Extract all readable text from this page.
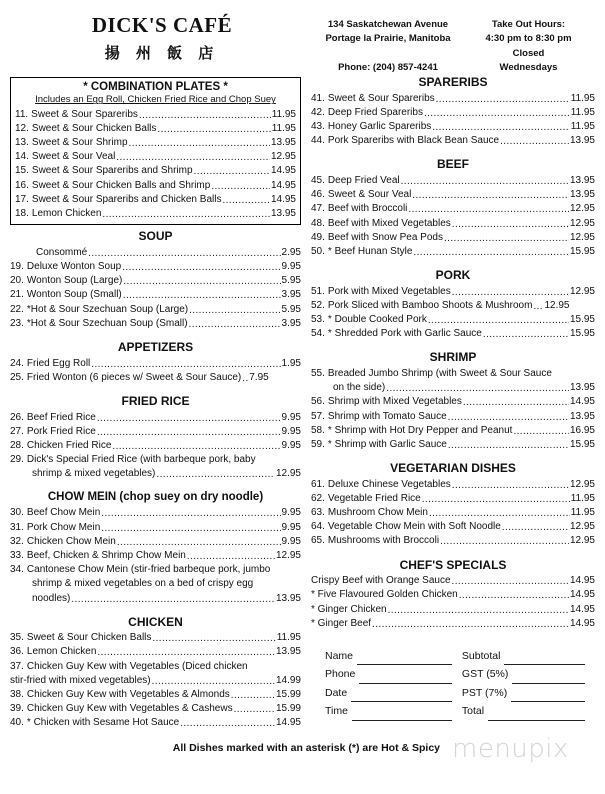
DICK'S CAFÉ
揚 州 飯 店
134 Saskatchewan Avenue
Portage la Prairie, Manitoba
Phone: (204) 857-4241
Take Out Hours:
4:30 pm to 8:30 pm
Closed
Wednesdays
* COMBINATION PLATES *
Includes an Egg Roll, Chicken Fried Rice and Chop Suey
11. Sweet & Sour Spareribs .....	11.95
12. Sweet & Sour Chicken Balls .....	11.95
13. Sweet & Sour Shrimp .....	13.95
14. Sweet & Sour Veal .....	12.95
15. Sweet & Sour Spareribs and Shrimp .....	14.95
16. Sweet & Sour Chicken Balls and Shrimp .....	14.95
17. Sweet & Sour Spareribs and Chicken Balls .....	14.95
18. Lemon Chicken .....	13.95
SOUP
Consommé .....	2.95
19. Deluxe Wonton Soup .....	9.95
20. Wonton Soup (Large) .....	5.95
21. Wonton Soup (Small) .....	3.95
22. *Hot & Sour Szechuan Soup (Large) .....	5.95
23. *Hot & Sour Szechuan Soup (Small) .....	3.95
APPETIZERS
24. Fried Egg Roll .....	1.95
25. Fried Wonton (6 pieces w/ Sweet & Sour Sauce) ..... 7.95
FRIED RICE
26. Beef Fried Rice .....	9.95
27. Pork Fried Rice .....	9.95
28. Chicken Fried Rice .....	9.95
29. Dick's Special Fried Rice (with barbeque pork, baby
shrimp & mixed vegetables) .....	12.95
CHOW MEIN (chop suey on dry noodle)
30. Beef Chow Mein .....	9.95
31. Pork Chow Mein .....	9.95
32. Chicken Chow Mein .....	9.95
33. Beef, Chicken & Shrimp Chow Mein .....	12.95
34. Cantonese Chow Mein (stir-fried barbeque pork, jumbo
shrimp & mixed vegetables on a bed of crispy egg
noodles) .....	13.95
CHICKEN
35. Sweet & Sour Chicken Balls .....	11.95
36. Lemon Chicken .....	13.95
37. Chicken Guy Kew with Vegetables (Diced chicken
stir-fried with mixed vegetables) .....	14.99
38. Chicken Guy Kew with Vegetables & Almonds .....	15.99
39. Chicken Guy Kew with Vegetables & Cashews .....	15.99
40. * Chicken with Sesame Hot Sauce .....	14.95
SPARERIBS
41. Sweet & Sour Spareribs .....	11.95
42. Deep Fried Spareribs .....	11.95
43. Honey Garlic Spareribs .....	11.95
44. Pork Spareribs with Black Bean Sauce .....	13.95
BEEF
45. Deep Fried Veal .....	13.95
46. Sweet & Sour Veal .....	13.95
47. Beef with Broccoli .....	12.95
48. Beef with Mixed Vegetables .....	12.95
49. Beef with Snow Pea Pods .....	12.95
50. * Beef Hunan Style .....	15.95
PORK
51. Pork with Mixed Vegetables .....	12.95
52. Pork Sliced with Bamboo Shoots & Mushroom ..... 12.95
53. * Double Cooked Pork .....	15.95
54. * Shredded Pork with Garlic Sauce .....	15.95
SHRIMP
55. Breaded Jumbo Shrimp (with Sweet & Sour Sauce
on the side) .....	13.95
56. Shrimp with Mixed Vegetables .....	14.95
57. Shrimp with Tomato Sauce .....	13.95
58. * Shrimp with Hot Dry Pepper and Peanut .....	16.95
59. * Shrimp with Garlic Sauce .....	15.95
VEGETARIAN DISHES
61. Deluxe Chinese Vegetables .....	12.95
62. Vegetable Fried Rice .....	11.95
63. Mushroom Chow Mein .....	11.95
64. Vegetable Chow Mein with Soft Noodle .....	12.95
65. Mushrooms with Broccoli .....	12.95
CHEF'S SPECIALS
Crispy Beef with Orange Sauce .....	14.95
* Five Flavoured Golden Chicken .....	14.95
* Ginger Chicken .....	14.95
* Ginger Beef .....	14.95
Name
Phone
Date
Time
Subtotal
GST (5%)
PST (7%)
Total
All Dishes marked with an asterisk (*) are Hot & Spicy menupix
